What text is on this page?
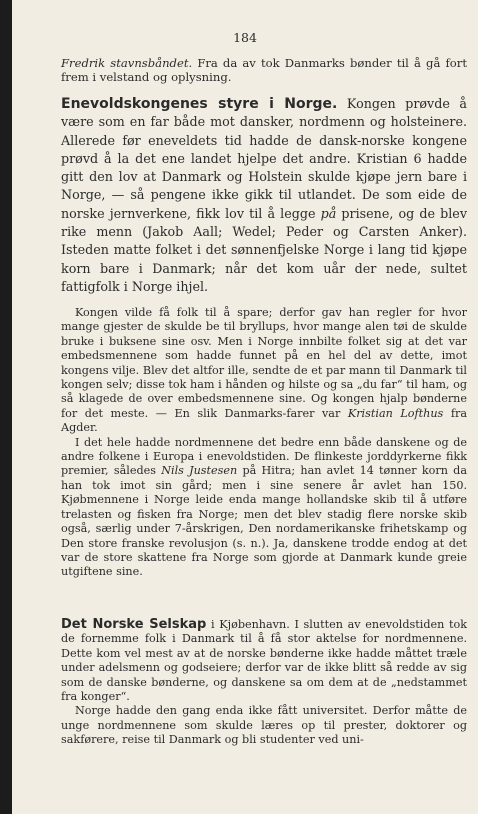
184

Fredrik stavnsbåndet. Fra da av tok Danmarks bønder til å gå fort frem i velstand og oplysning.

Enevoldskongenes styre i Norge. Kongen prøvde å være som en far både mot dansker, nordmenn og holsteinere. Allerede før eneveldets tid hadde de dansk-norske kongene prøvd å la det ene landet hjelpe det andre. Kristian 6 hadde gitt den lov at Danmark og Holstein skulde kjøpe jern bare i Norge, — så pengene ikke gikk til utlandet. De som eide de norske jernverkene, fikk lov til å legge på prisene, og de blev rike menn (Jakob Aall; Wedel; Peder og Carsten Anker). Isteden matte folket i det sønnenfjelske Norge i lang tid kjøpe korn bare i Danmark; når det kom uår der nede, sultet fattigfolk i Norge ihjel.

Kongen vilde få folk til å spare; derfor gav han regler for hvor mange gjester de skulde be til bryllups, hvor mange alen tøi de skulde bruke i buksene sine osv. Men i Norge innbilte folket sig at det var embedsmennene som hadde funnet på en hel del av dette, imot kongens vilje. Blev det altfor ille, sendte de et par mann til Danmark til kongen selv; disse tok ham i hånden og hilste og sa „du far“ til ham, og så klagede de over embedsmennene sine. Og kongen hjalp bønderne for det meste. — En slik Danmarks-farer var Kristian Lofthus fra Agder.

I det hele hadde nordmennene det bedre enn både danskene og de andre folkene i Europa i enevoldstiden. De flinkeste jorddyrkerne fikk premier, således Nils Justesen på Hitra; han avlet 14 tønner korn da han tok imot sin gård; men i sine senere år avlet han 150. Kjøbmennene i Norge leide enda mange hollandske skib til å utføre trelasten og fisken fra Norge; men det blev stadig flere norske skib også, særlig under 7-årskrigen, Den nordamerikanske frihetskamp og Den store franske revolusjon (s. n.). Ja, danskene trodde endog at det var de store skattene fra Norge som gjorde at Danmark kunde greie utgiftene sine.

Det Norske Selskap i Kjøbenhavn. I slutten av enevoldstiden tok de fornemme folk i Danmark til å få stor aktelse for nordmennene. Dette kom vel mest av at de norske bønderne ikke hadde måttet træle under adelsmenn og godseiere; derfor var de ikke blitt så redde av sig som de danske bønderne, og danskene sa om dem at de „nedstammet fra konger“.

Norge hadde den gang enda ikke fått universitet. Derfor måtte de unge nordmennene som skulde læres op til prester, doktorer og sakførere, reise til Danmark og bli studenter ved uni-
